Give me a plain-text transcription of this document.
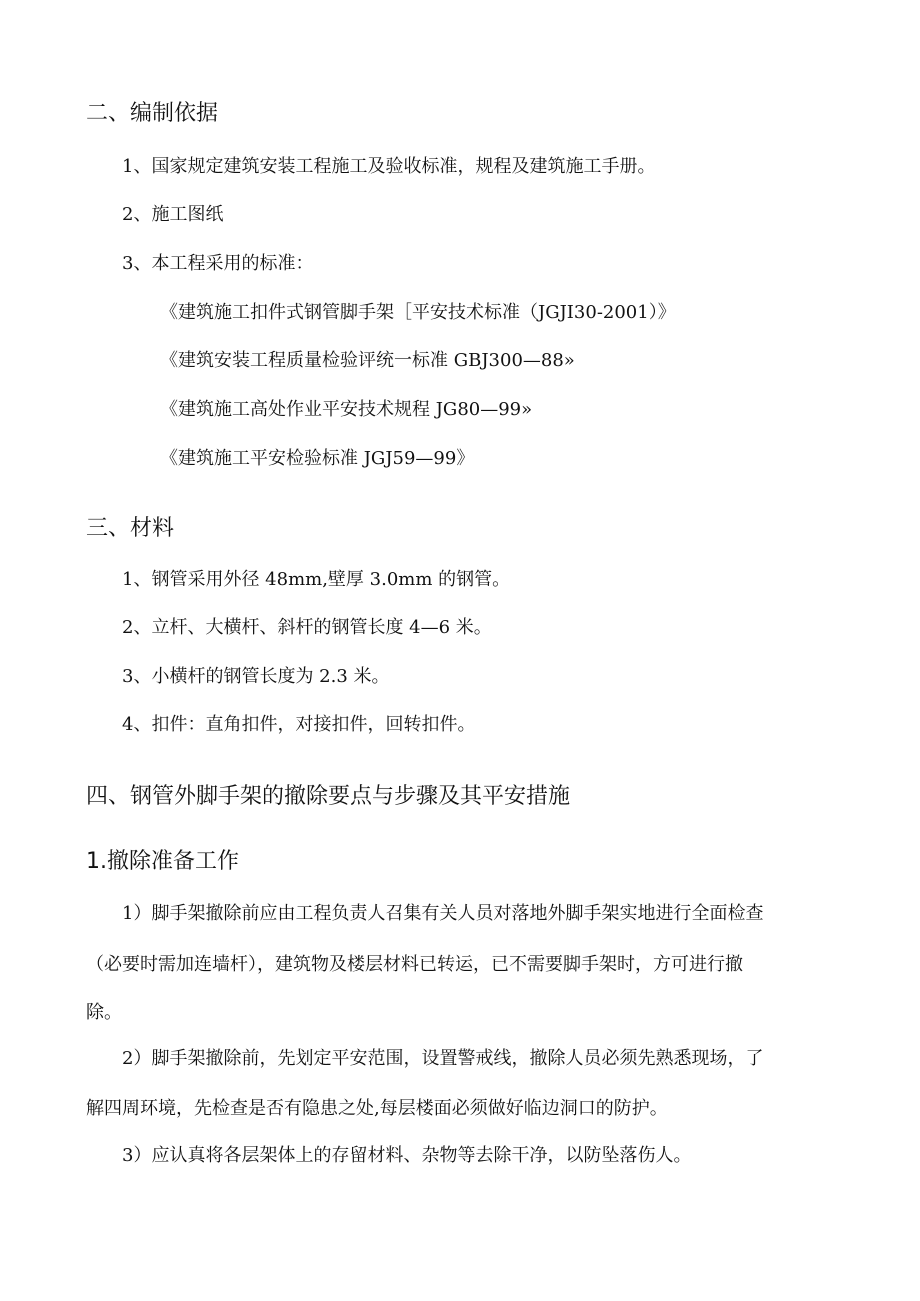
二、编制依据
1、国家规定建筑安装工程施工及验收标准，规程及建筑施工手册。
2、施工图纸
3、本工程采用的标准：
《建筑施工扣件式钢管脚手架［平安技术标准（JGJI30-2001）》
《建筑安装工程质量检验评统一标准 GBJ300—88»
《建筑施工高处作业平安技术规程 JG80—99»
《建筑施工平安检验标准 JGJ59—99》
三、材料
1、钢管采用外径 48mm,壁厚 3.0mm 的钢管。
2、立杆、大横杆、斜杆的钢管长度 4—6 米。
3、小横杆的钢管长度为 2.3 米。
4、扣件：直角扣件，对接扣件，回转扣件。
四、钢管外脚手架的撤除要点与步骤及其平安措施
1.撤除准备工作
1）脚手架撤除前应由工程负责人召集有关人员对落地外脚手架实地进行全面检查
（必要时需加连墙杆），建筑物及楼层材料已转运，已不需要脚手架时，方可进行撤
除。
2）脚手架撤除前，先划定平安范围，设置警戒线，撤除人员必须先熟悉现场，了
解四周环境，先检查是否有隐患之处,每层楼面必须做好临边洞口的防护。
3）应认真将各层架体上的存留材料、杂物等去除干净，以防坠落伤人。
